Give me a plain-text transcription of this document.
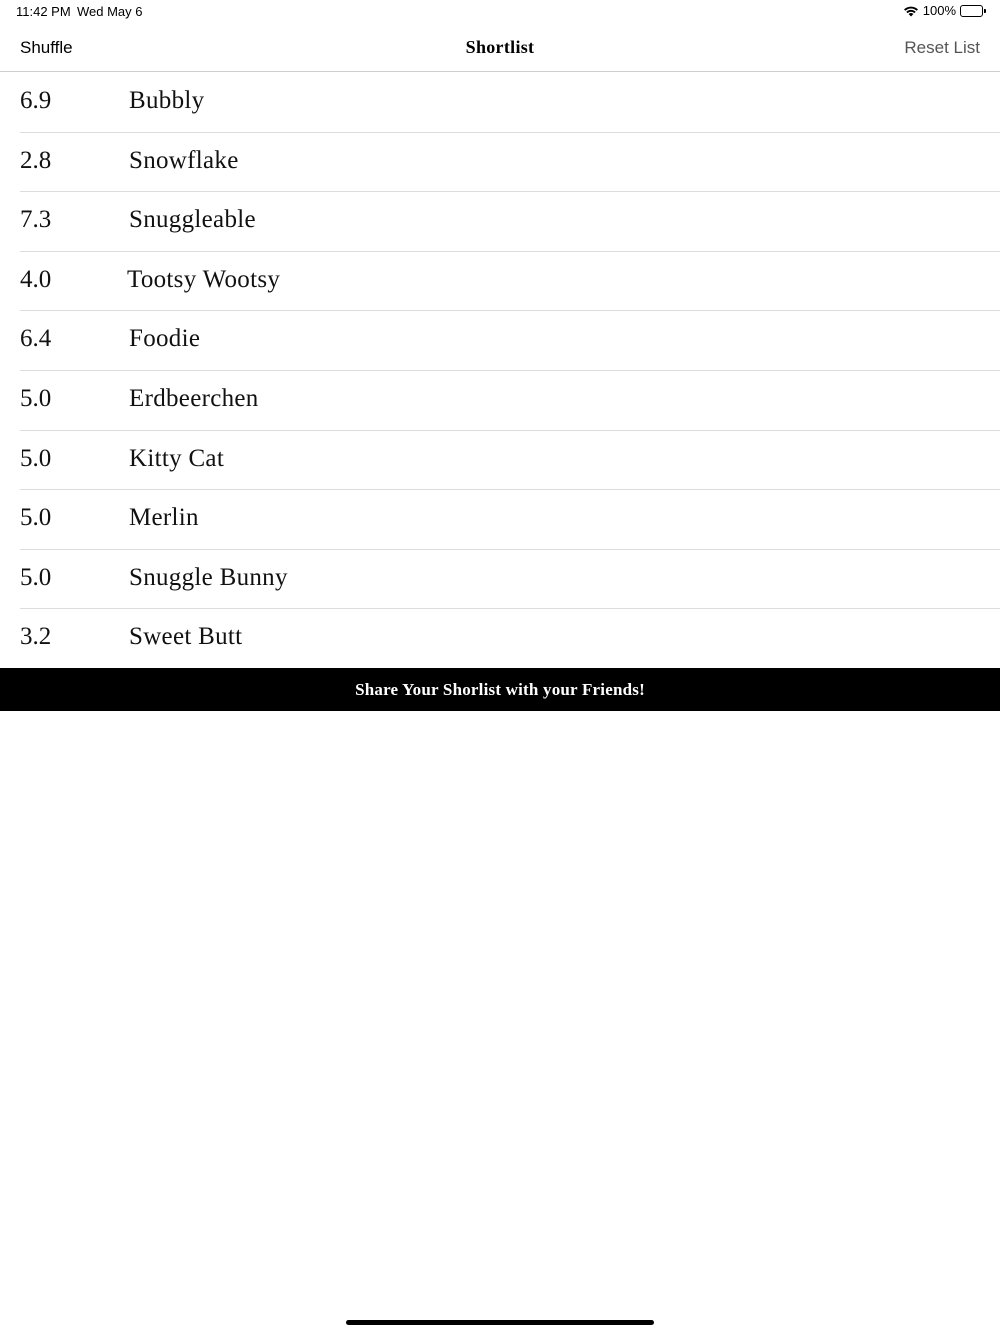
11:42 PM Wed May 6	100%
Shuffle	Shortlist	Reset List
6.9	Bubbly
2.8	Snowflake
7.3	Snuggleable
4.0	Tootsy Wootsy
6.4	Foodie
5.0	Erdbeerchen
5.0	Kitty Cat
5.0	Merlin
5.0	Snuggle Bunny
3.2	Sweet Butt
Share Your Shorlist with your Friends!
